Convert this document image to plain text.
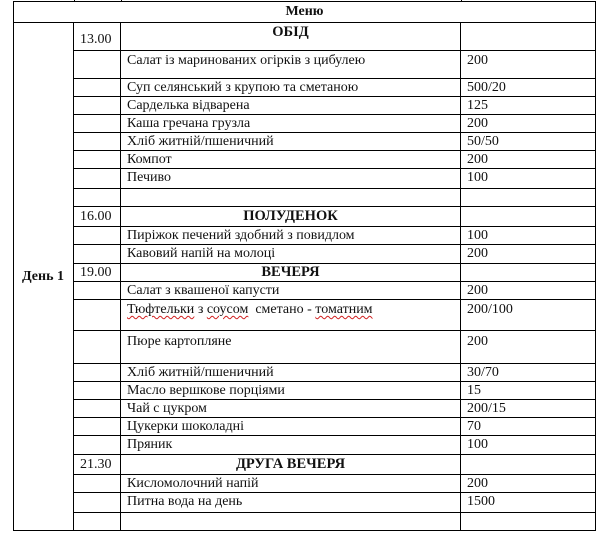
Меню
День 1
13.00	ОБІД
Салат із маринованих огірків з цибулею	200
Суп селянський з крупою та сметаною	500/20
Сарделька відварена	125
Каша гречана грузла	200
Хліб житній/пшеничний	50/50
Компот	200
Печиво	100
16.00	ПОЛУДЕНОК
Пиріжок печений здобний з повидлом	100
Кавовий напій на молоці	200
19.00	ВЕЧЕРЯ
Салат з квашеної капусти	200
Тюфтельки з соусом  сметано - томатним	200/100
Пюре картопляне	200
Хліб житній/пшеничний	30/70
Масло вершкове порціями	15
Чай с цукром	200/15
Цукерки шоколадні	70
Пряник	100
21.30	ДРУГА ВЕЧЕРЯ
Кисломолочний напій	200
Питна вода на день	1500
